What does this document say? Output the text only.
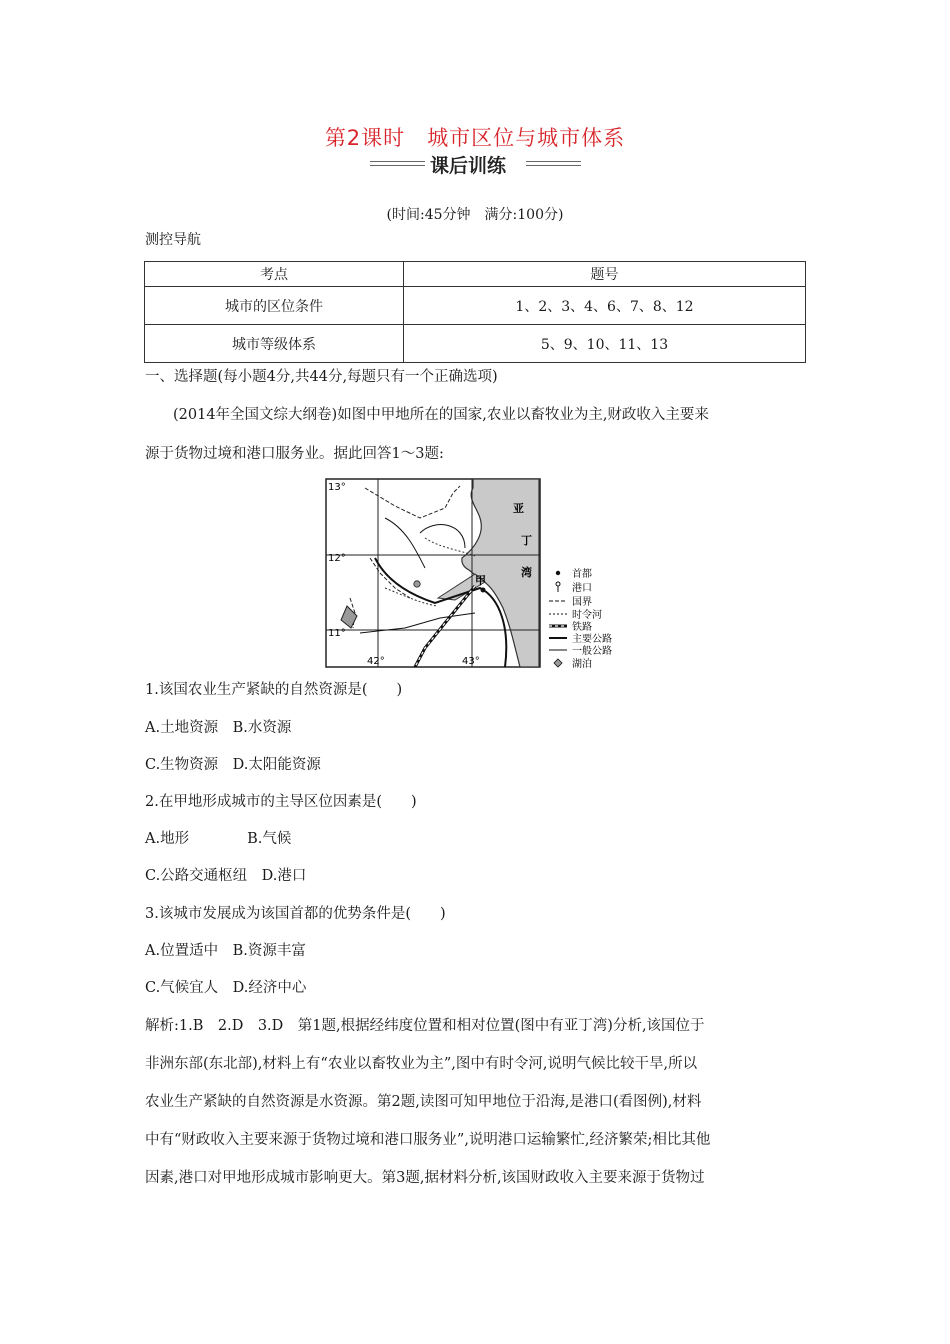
第2课时 城市区位与城市体系
课后训练
(时间:45分钟　满分:100分)
测控导航
考点	题号
城市的区位条件	1、2、3、4、6、7、8、12
城市等级体系	5、9、10、11、13
一、选择题(每小题4分,共44分,每题只有一个正确选项)
(2014年全国文综大纲卷)如图中甲地所在的国家,农业以畜牧业为主,财政收入主要来
源于货物过境和港口服务业。据此回答1～3题:
13°
12°
11°
42°	43°
亚
丁
湾
甲	首都
港口
国界
时令河
铁路
主要公路
一般公路
湖泊
1.该国农业生产紧缺的自然资源是(　　)
A.土地资源　B.水资源
C.生物资源　D.太阳能资源
2.在甲地形成城市的主导区位因素是(　　)
A.地形　　　　B.气候
C.公路交通枢纽　D.港口
3.该城市发展成为该国首都的优势条件是(　　)
A.位置适中　B.资源丰富
C.气候宜人　D.经济中心
解析:1.B　2.D　3.D　第1题,根据经纬度位置和相对位置(图中有亚丁湾)分析,该国位于
非洲东部(东北部),材料上有“农业以畜牧业为主”,图中有时令河,说明气候比较干旱,所以
农业生产紧缺的自然资源是水资源。第2题,读图可知甲地位于沿海,是港口(看图例),材料
中有“财政收入主要来源于货物过境和港口服务业”,说明港口运输繁忙,经济繁荣;相比其他
因素,港口对甲地形成城市影响更大。第3题,据材料分析,该国财政收入主要来源于货物过
